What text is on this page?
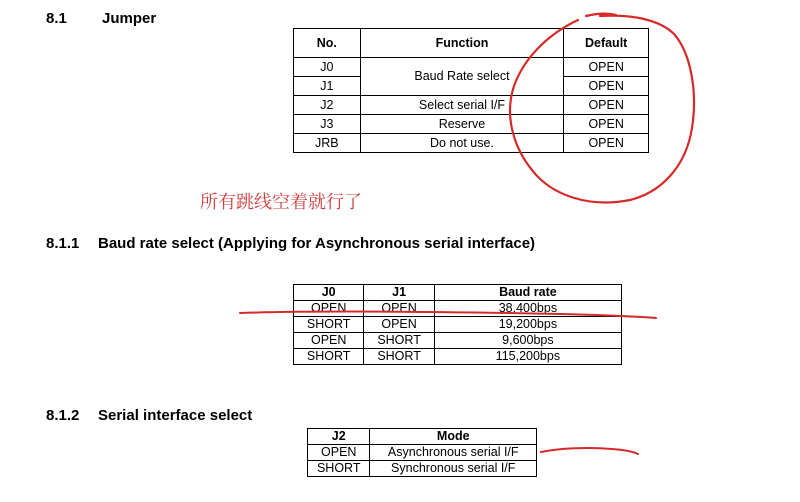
8.1 Jumper
No.	Function	Default
J0	Baud Rate select	OPEN
J1		OPEN
J2	Select serial I/F	OPEN
J3	Reserve	OPEN
JRB	Do not use.	OPEN
所有跳线空着就行了
8.1.1 Baud rate select (Applying for Asynchronous serial interface)
J0	J1	Baud rate
OPEN	OPEN	38,400bps
SHORT	OPEN	19,200bps
OPEN	SHORT	9,600bps
SHORT	SHORT	115,200bps
8.1.2 Serial interface select
J2	Mode
OPEN	Asynchronous serial I/F
SHORT	Synchronous serial I/F
